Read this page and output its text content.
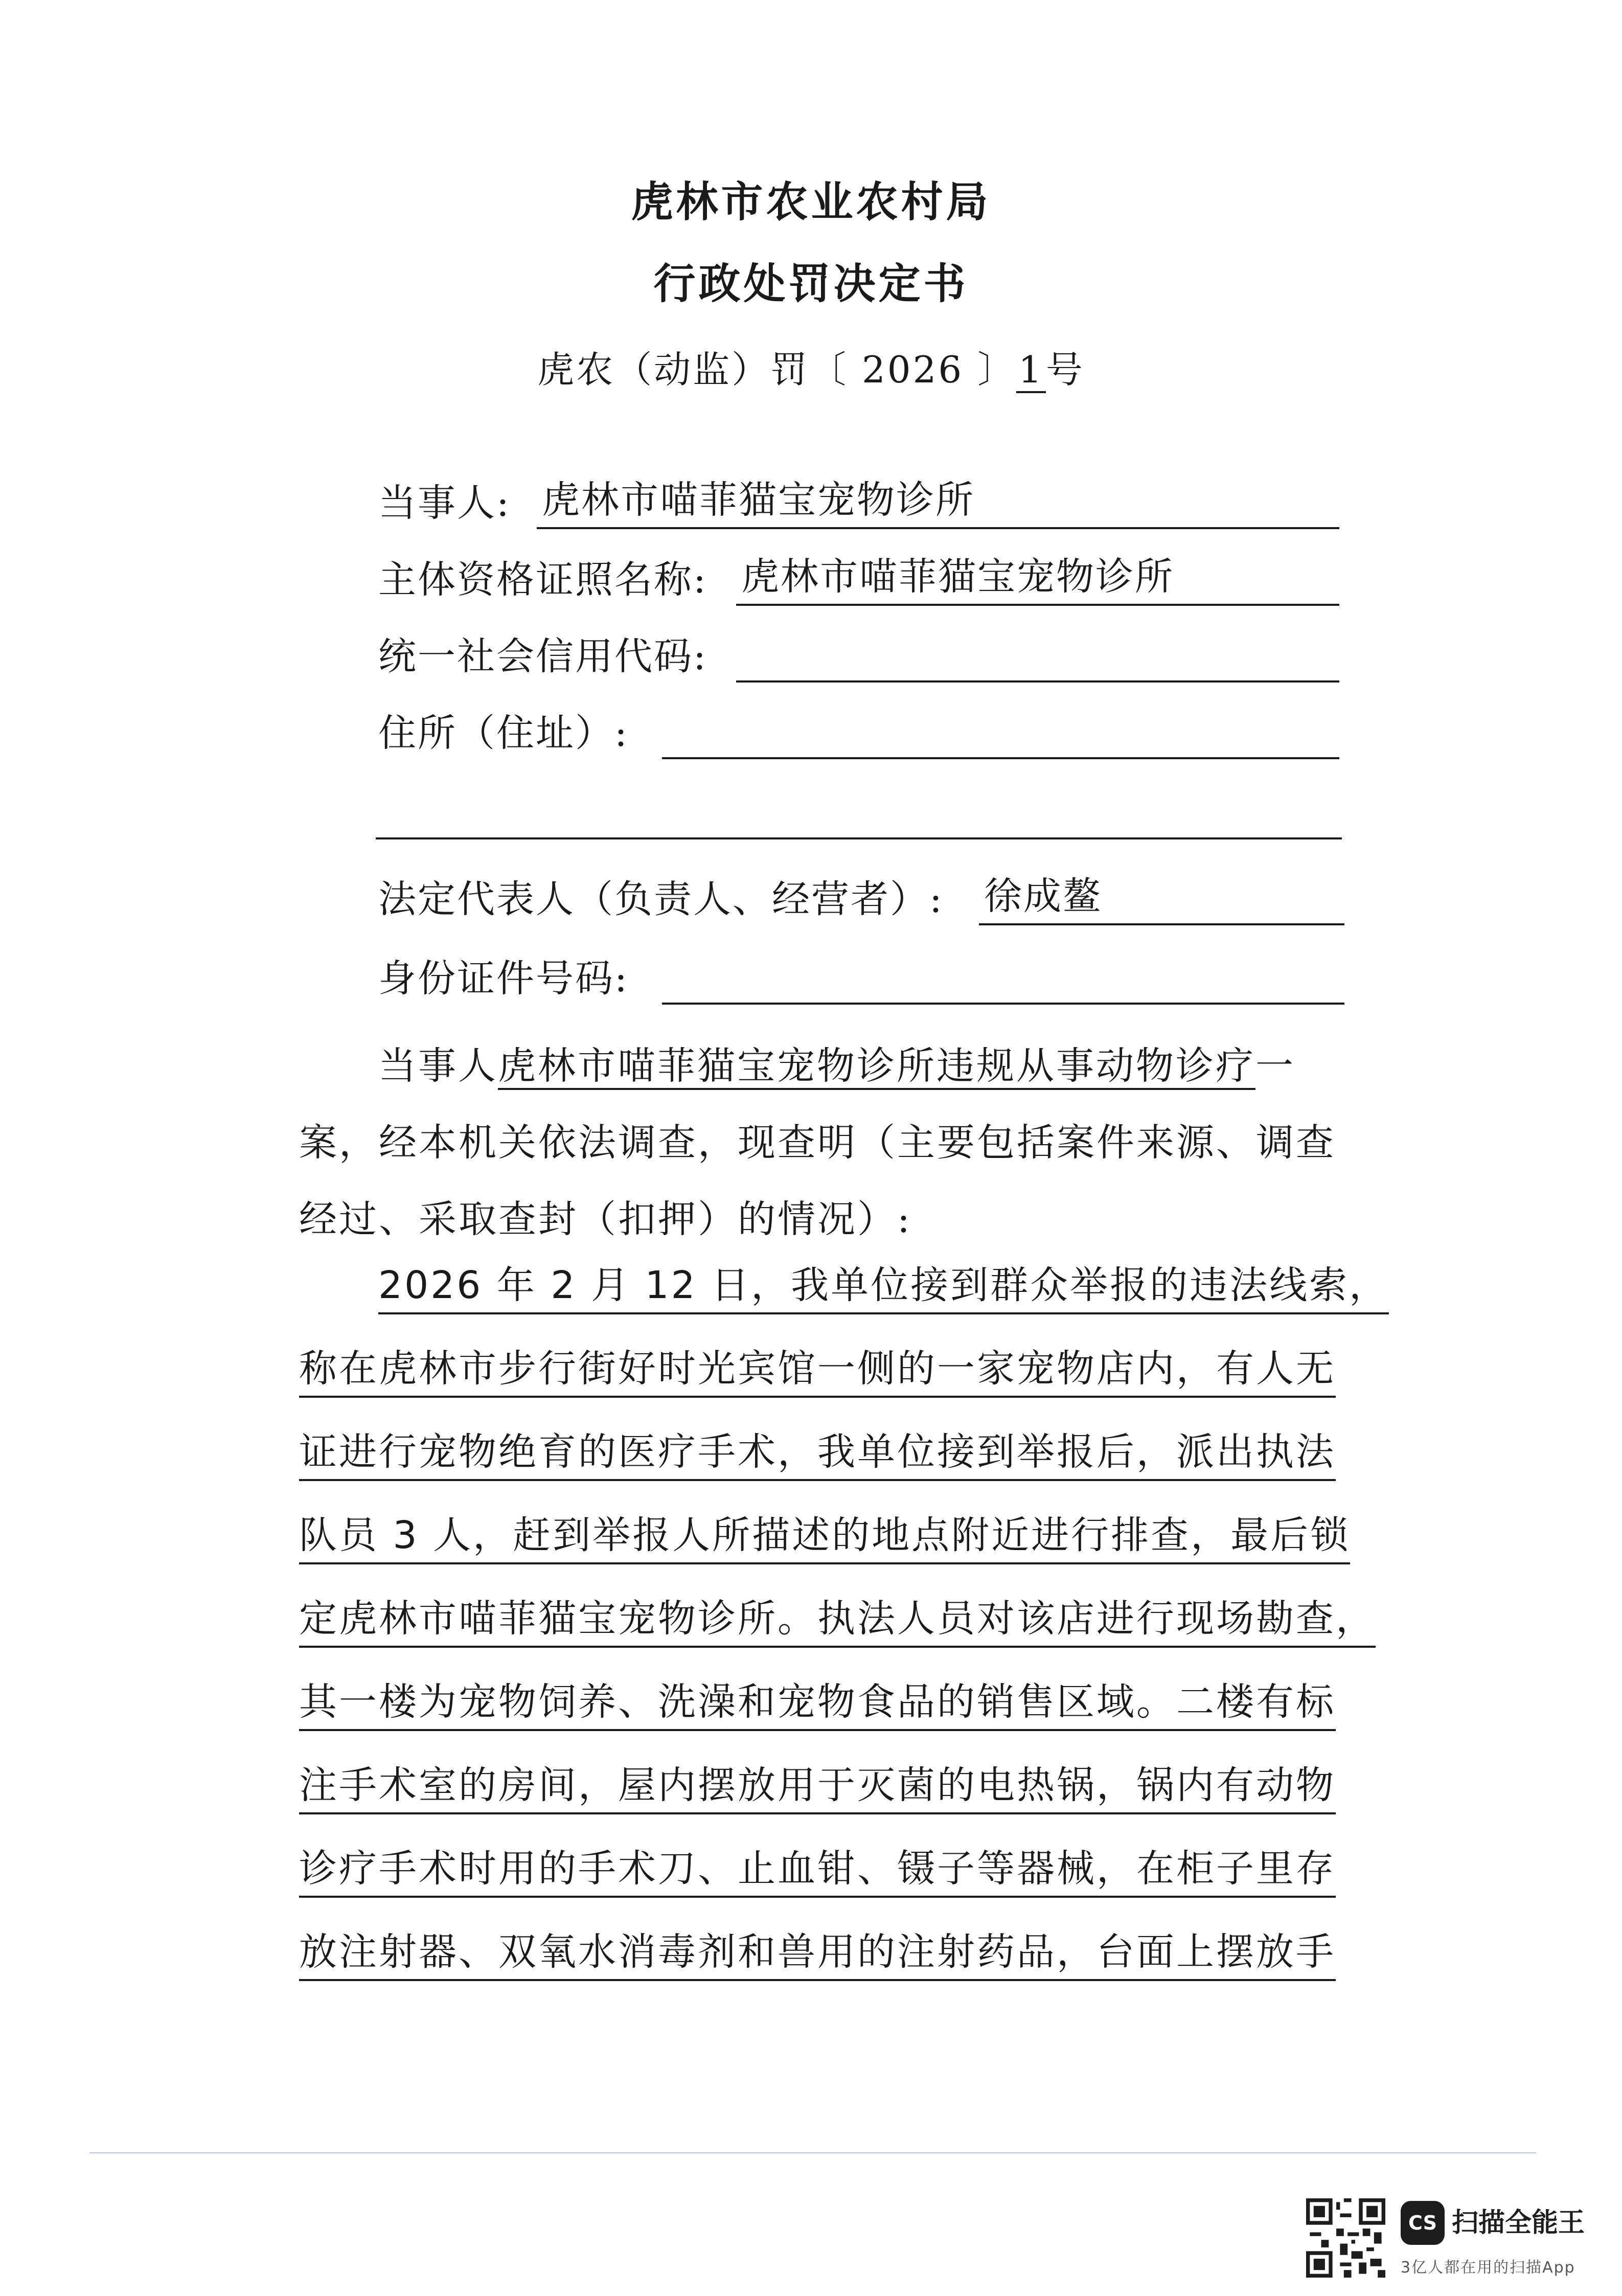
虎林市农业农村局
行政处罚决定书
虎农（动监）罚〔 2026 〕1号
当事人: 虎林市喵菲猫宝宠物诊所
主体资格证照名称: 虎林市喵菲猫宝宠物诊所
统一社会信用代码:
住所（住址）:
法定代表人（负责人、经营者）: 徐成鳌
身份证件号码:

当事人虎林市喵菲猫宝宠物诊所违规从事动物诊疗一案，经本机关依法调查，现查明（主要包括案件来源、调查经过、采取查封（扣押）的情况）:

2026 年 2 月 12 日，我单位接到群众举报的违法线索，
称在虎林市步行街好时光宾馆一侧的一家宠物店内，有人无
证进行宠物绝育的医疗手术，我单位接到举报后，派出执法
队员 3 人，赶到举报人所描述的地点附近进行排查，最后锁
定虎林市喵菲猫宝宠物诊所。执法人员对该店进行现场勘查，
其一楼为宠物饲养、洗澡和宠物食品的销售区域。二楼有标
注手术室的房间，屋内摆放用于灭菌的电热锅，锅内有动物
诊疗手术时用的手术刀、止血钳、镊子等器械，在柜子里存
放注射器、双氧水消毒剂和兽用的注射药品，台面上摆放手
CS 扫描全能王
3亿人都在用的扫描App
